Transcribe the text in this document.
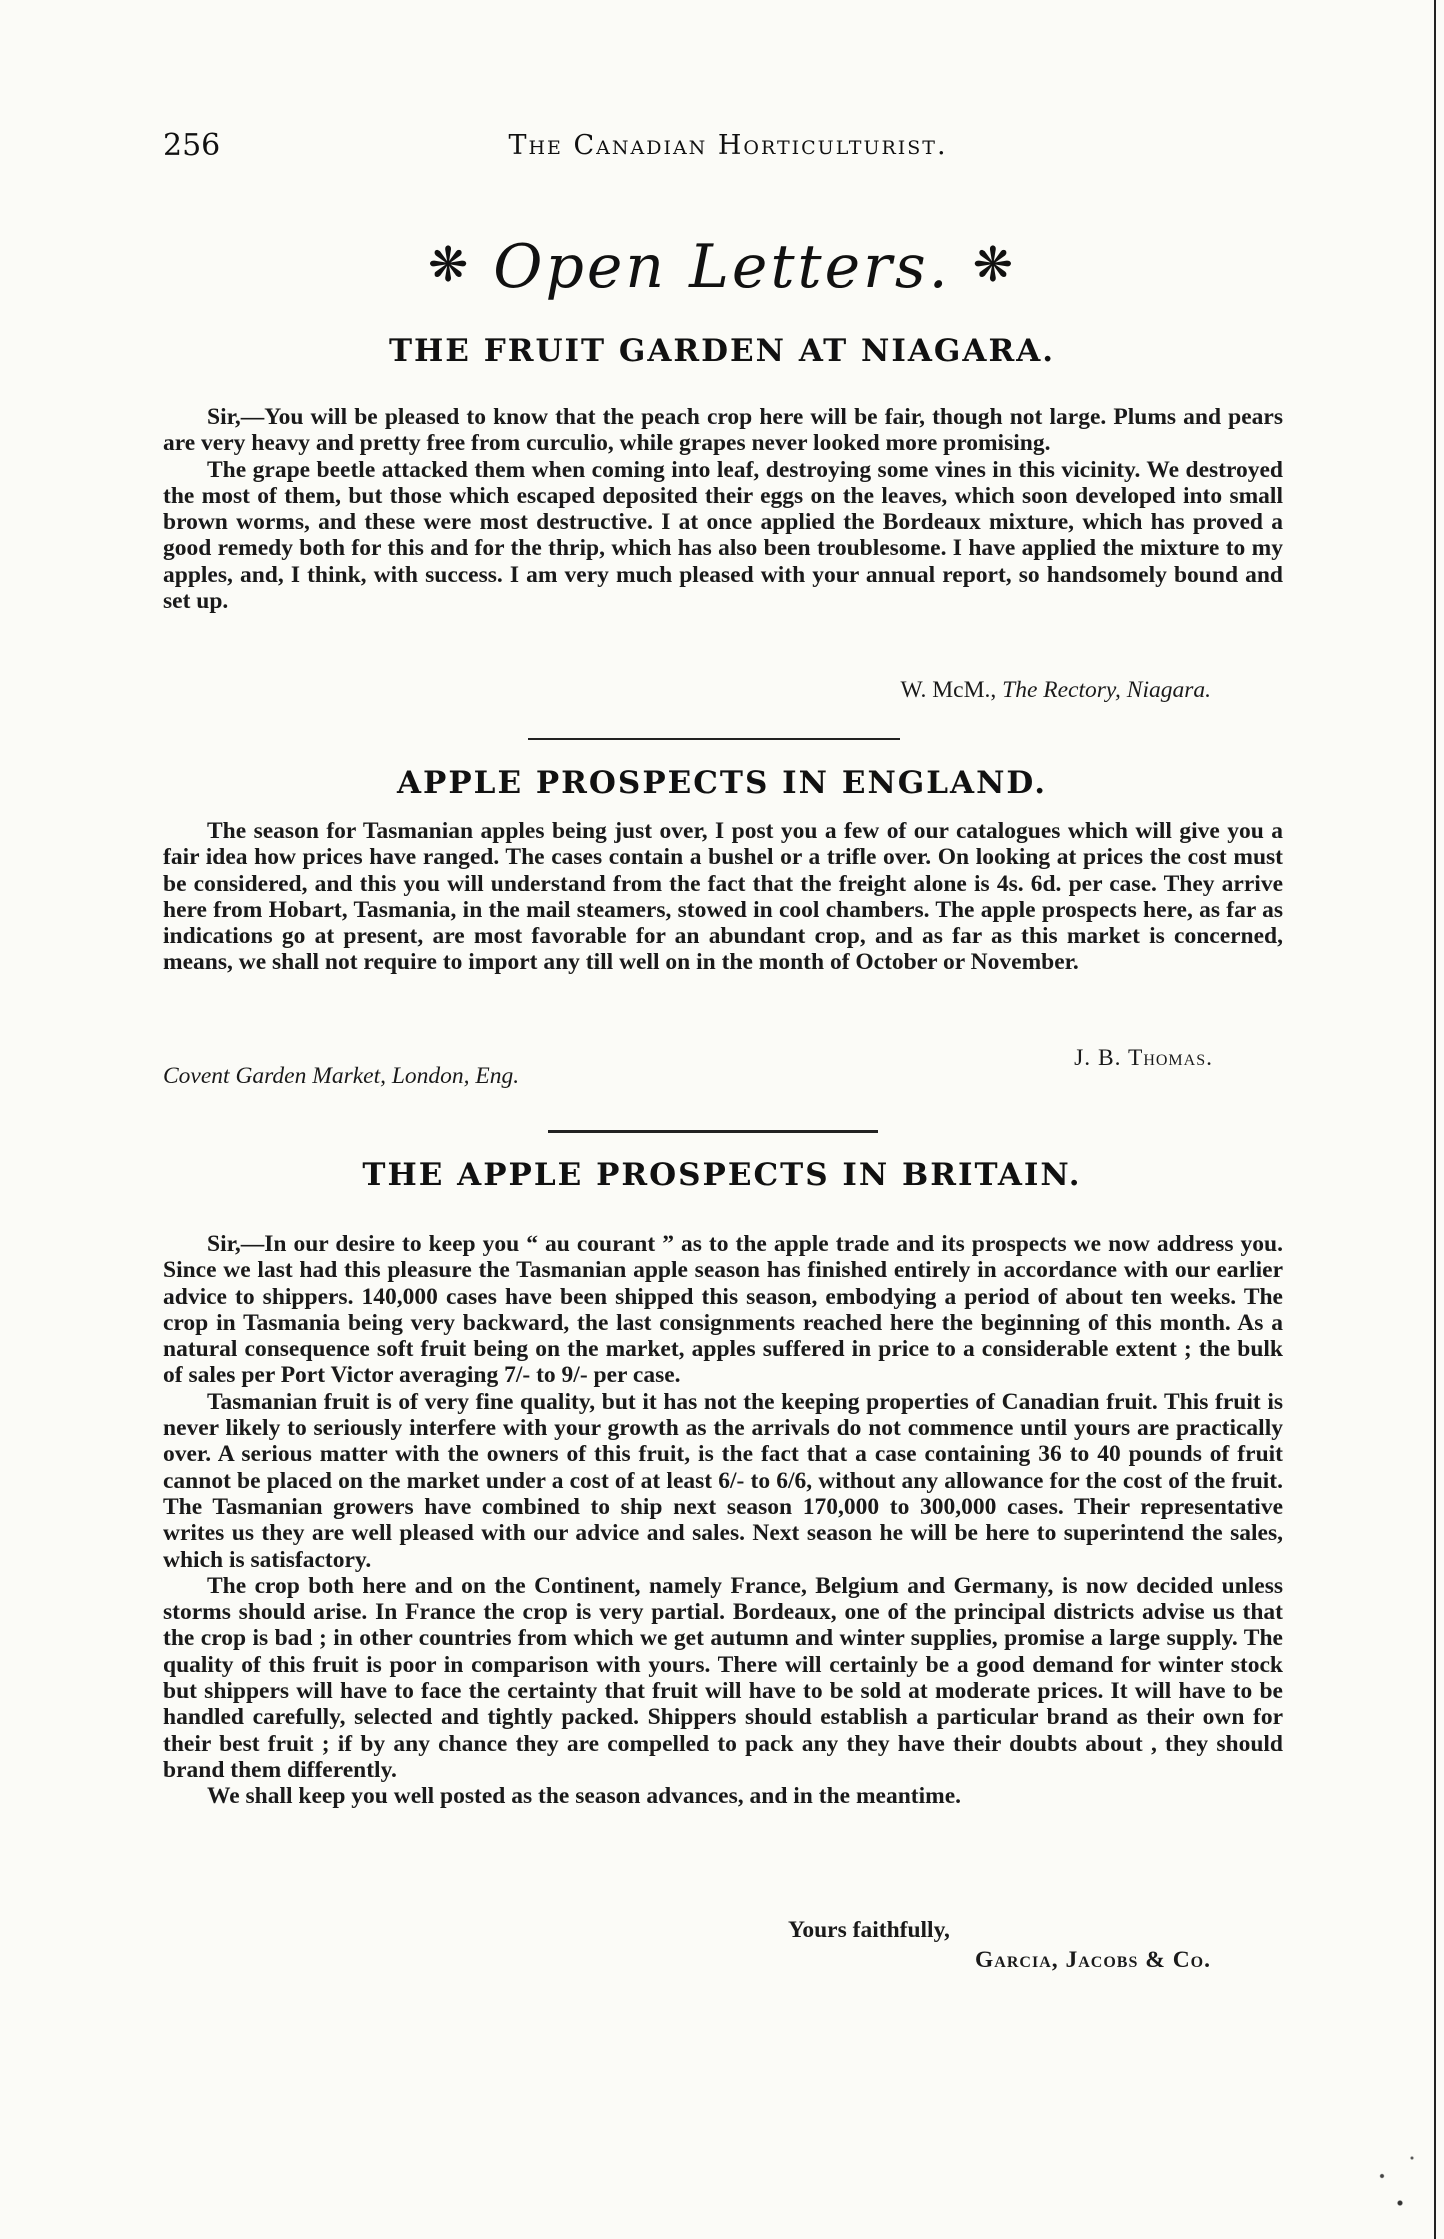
256	The Canadian Horticulturist.
❋ Open Letters. ❋
THE FRUIT GARDEN AT NIAGARA.

Sir,—You will be pleased to know that the peach crop here will be fair, though not large. Plums and pears are very heavy and pretty free from curculio, while grapes never looked more promising.

The grape beetle attacked them when coming into leaf, destroying some vines in this vicinity. We destroyed the most of them, but those which escaped deposited their eggs on the leaves, which soon developed into small brown worms, and these were most destructive. I at once applied the Bordeaux mixture, which has proved a good remedy both for this and for the thrip, which has also been troublesome. I have applied the mixture to my apples, and, I think, with success. I am very much pleased with your annual report, so handsomely bound and set up.

W. McM., The Rectory, Niagara.
APPLE PROSPECTS IN ENGLAND.

The season for Tasmanian apples being just over, I post you a few of our catalogues which will give you a fair idea how prices have ranged. The cases contain a bushel or a trifle over. On looking at prices the cost must be considered, and this you will understand from the fact that the freight alone is 4s. 6d. per case. They arrive here from Hobart, Tasmania, in the mail steamers, stowed in cool chambers. The apple prospects here, as far as indications go at present, are most favorable for an abundant crop, and as far as this market is concerned, means, we shall not require to import any till well on in the month of October or November.

J. B. Thomas.
Covent Garden Market, London, Eng.
THE APPLE PROSPECTS IN BRITAIN.

Sir,—In our desire to keep you “ au courant ” as to the apple trade and its prospects we now address you. Since we last had this pleasure the Tasmanian apple season has finished entirely in accordance with our earlier advice to shippers. 140,000 cases have been shipped this season, embodying a period of about ten weeks. The crop in Tasmania being very backward, the last consignments reached here the beginning of this month. As a natural consequence soft fruit being on the market, apples suffered in price to a considerable extent ; the bulk of sales per Port Victor averaging 7/- to 9/- per case.

Tasmanian fruit is of very fine quality, but it has not the keeping properties of Canadian fruit. This fruit is never likely to seriously interfere with your growth as the arrivals do not commence until yours are practically over. A serious matter with the owners of this fruit, is the fact that a case containing 36 to 40 pounds of fruit cannot be placed on the market under a cost of at least 6/- to 6/6, without any allowance for the cost of the fruit. The Tasmanian growers have combined to ship next season 170,000 to 300,000 cases. Their representative writes us they are well pleased with our advice and sales. Next season he will be here to superintend the sales, which is satisfactory.

The crop both here and on the Continent, namely France, Belgium and Germany, is now decided unless storms should arise. In France the crop is very partial. Bordeaux, one of the principal districts advise us that the crop is bad ; in other countries from which we get autumn and winter supplies, promise a large supply. The quality of this fruit is poor in comparison with yours. There will certainly be a good demand for winter stock but shippers will have to face the certainty that fruit will have to be sold at moderate prices. It will have to be handled carefully, selected and tightly packed. Shippers should establish a particular brand as their own for their best fruit ; if by any chance they are compelled to pack any they have their doubts about , they should brand them differently.

We shall keep you well posted as the season advances, and in the meantime.

Yours faithfully,
Garcia, Jacobs & Co.
